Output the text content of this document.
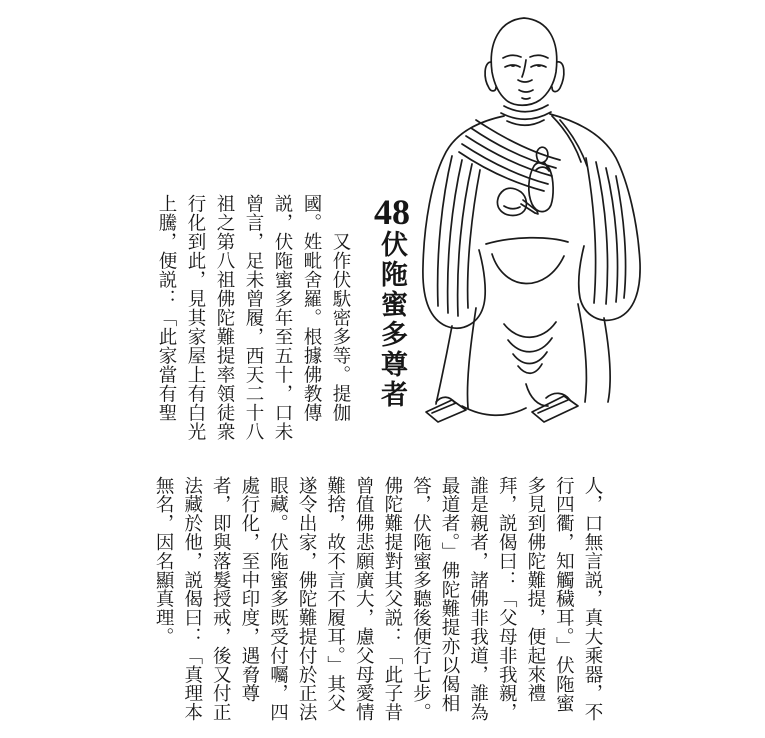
48伏陁蜜多尊者
又作伏馱密多等。提伽
國。姓毗舍羅。根據佛教傳
説，伏陁蜜多年至五十，口未
曾言，足未曾履，西天二十八
祖之第八祖佛陀難提率領徒衆
行化到此，見其家屋上有白光
上騰，便説：「此家當有聖
人，口無言説，真大乘器，不
行四衢，知觸穢耳。」伏陁蜜
多見到佛陀難提，便起來禮
拜，説偈曰：「父母非我親，
誰是親者，諸佛非我道，誰為
最道者。」佛陀難提亦以偈相
答，伏陁蜜多聽後便行七步。
佛陀難提對其父説：「此子昔
曾值佛悲願廣大，慮父母愛情
難捨，故不言不履耳。」其父
遂令出家，佛陀難提付於正法
眼藏。伏陁蜜多既受付囑，四
處行化，至中印度，遇脅尊
者，即與落髮授戒，後又付正
法藏於他，説偈曰：「真理本
無名，因名顯真理。
